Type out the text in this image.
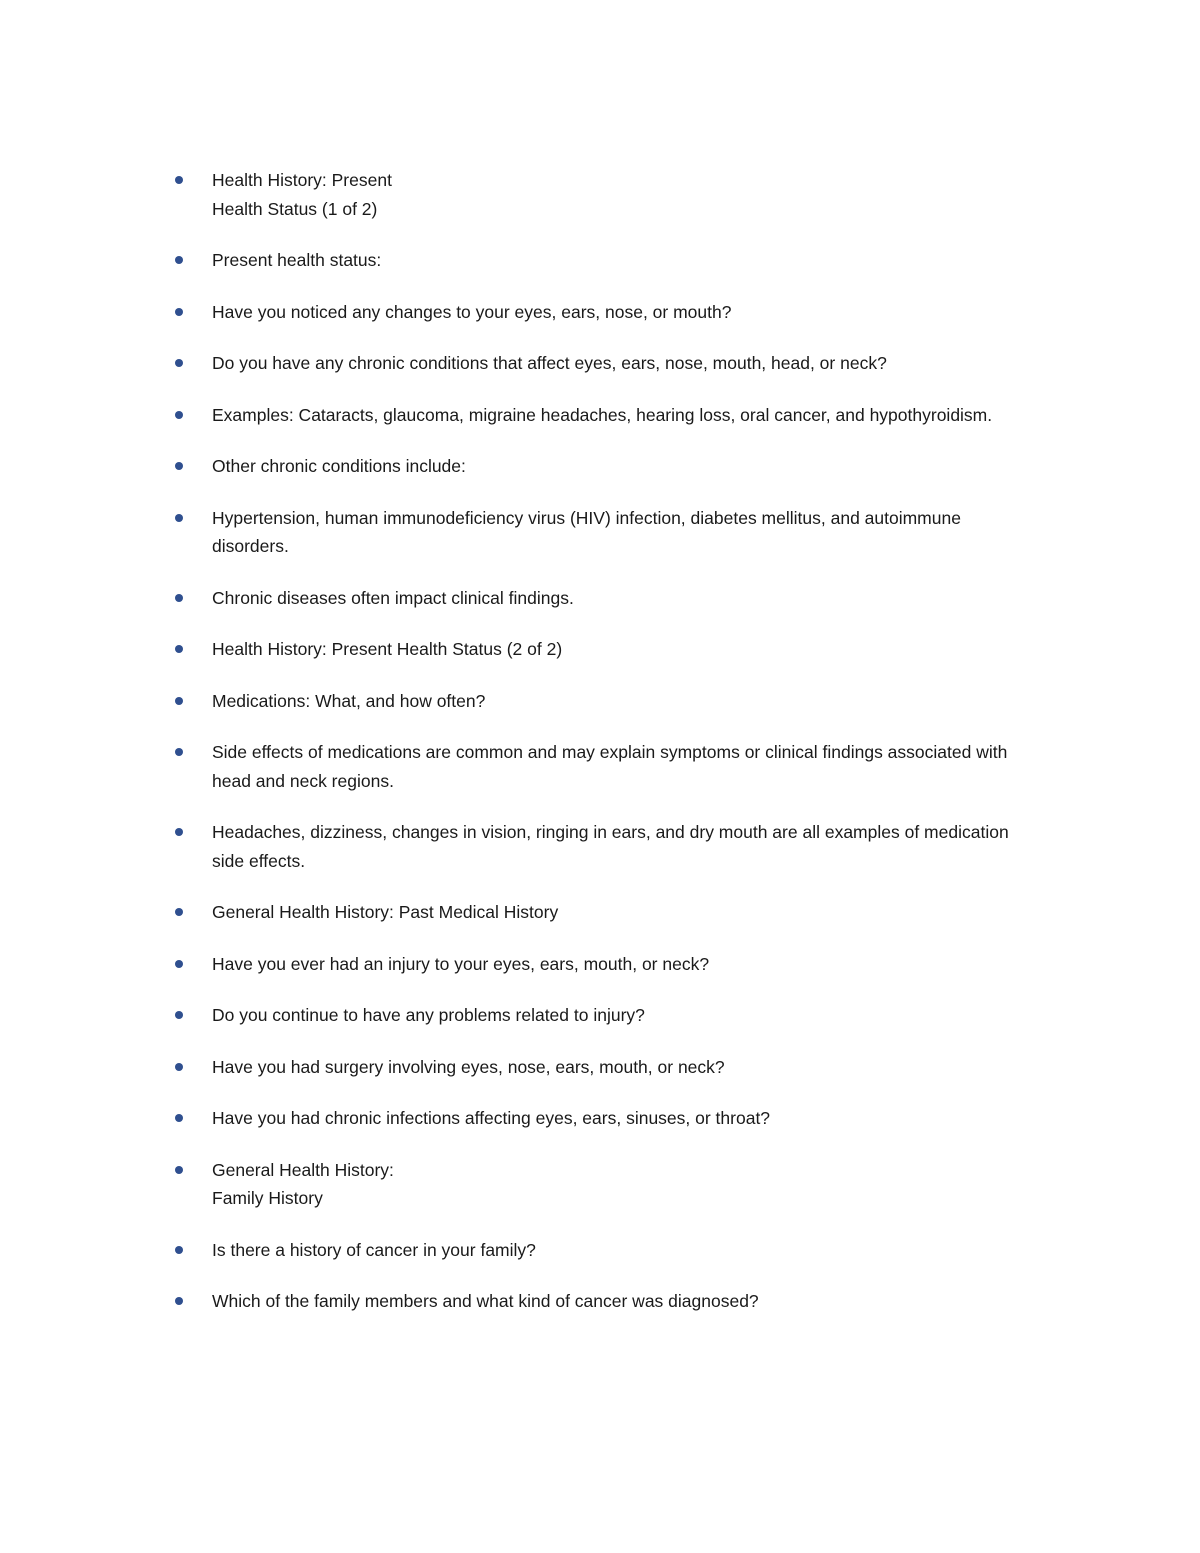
Health History: Present
Health Status (1 of 2)
Present health status:
Have you noticed any changes to your eyes, ears, nose, or mouth?
Do you have any chronic conditions that affect eyes, ears, nose, mouth, head, or neck?
Examples: Cataracts, glaucoma, migraine headaches, hearing loss, oral cancer, and hypothyroidism.
Other chronic conditions include:
Hypertension, human immunodeficiency virus (HIV) infection, diabetes mellitus, and autoimmune disorders.
Chronic diseases often impact clinical findings.
Health History: Present Health Status (2 of 2)
Medications: What, and how often?
Side effects of medications are common and may explain symptoms or clinical findings associated with head and neck regions.
Headaches, dizziness, changes in vision, ringing in ears, and dry mouth are all examples of medication side effects.
General Health History: Past Medical History
Have you ever had an injury to your eyes, ears, mouth, or neck?
Do you continue to have any problems related to injury?
Have you had surgery involving eyes, nose, ears, mouth, or neck?
Have you had chronic infections affecting eyes, ears, sinuses, or throat?
General Health History:
Family History
Is there a history of cancer in your family?
Which of the family members and what kind of cancer was diagnosed?
